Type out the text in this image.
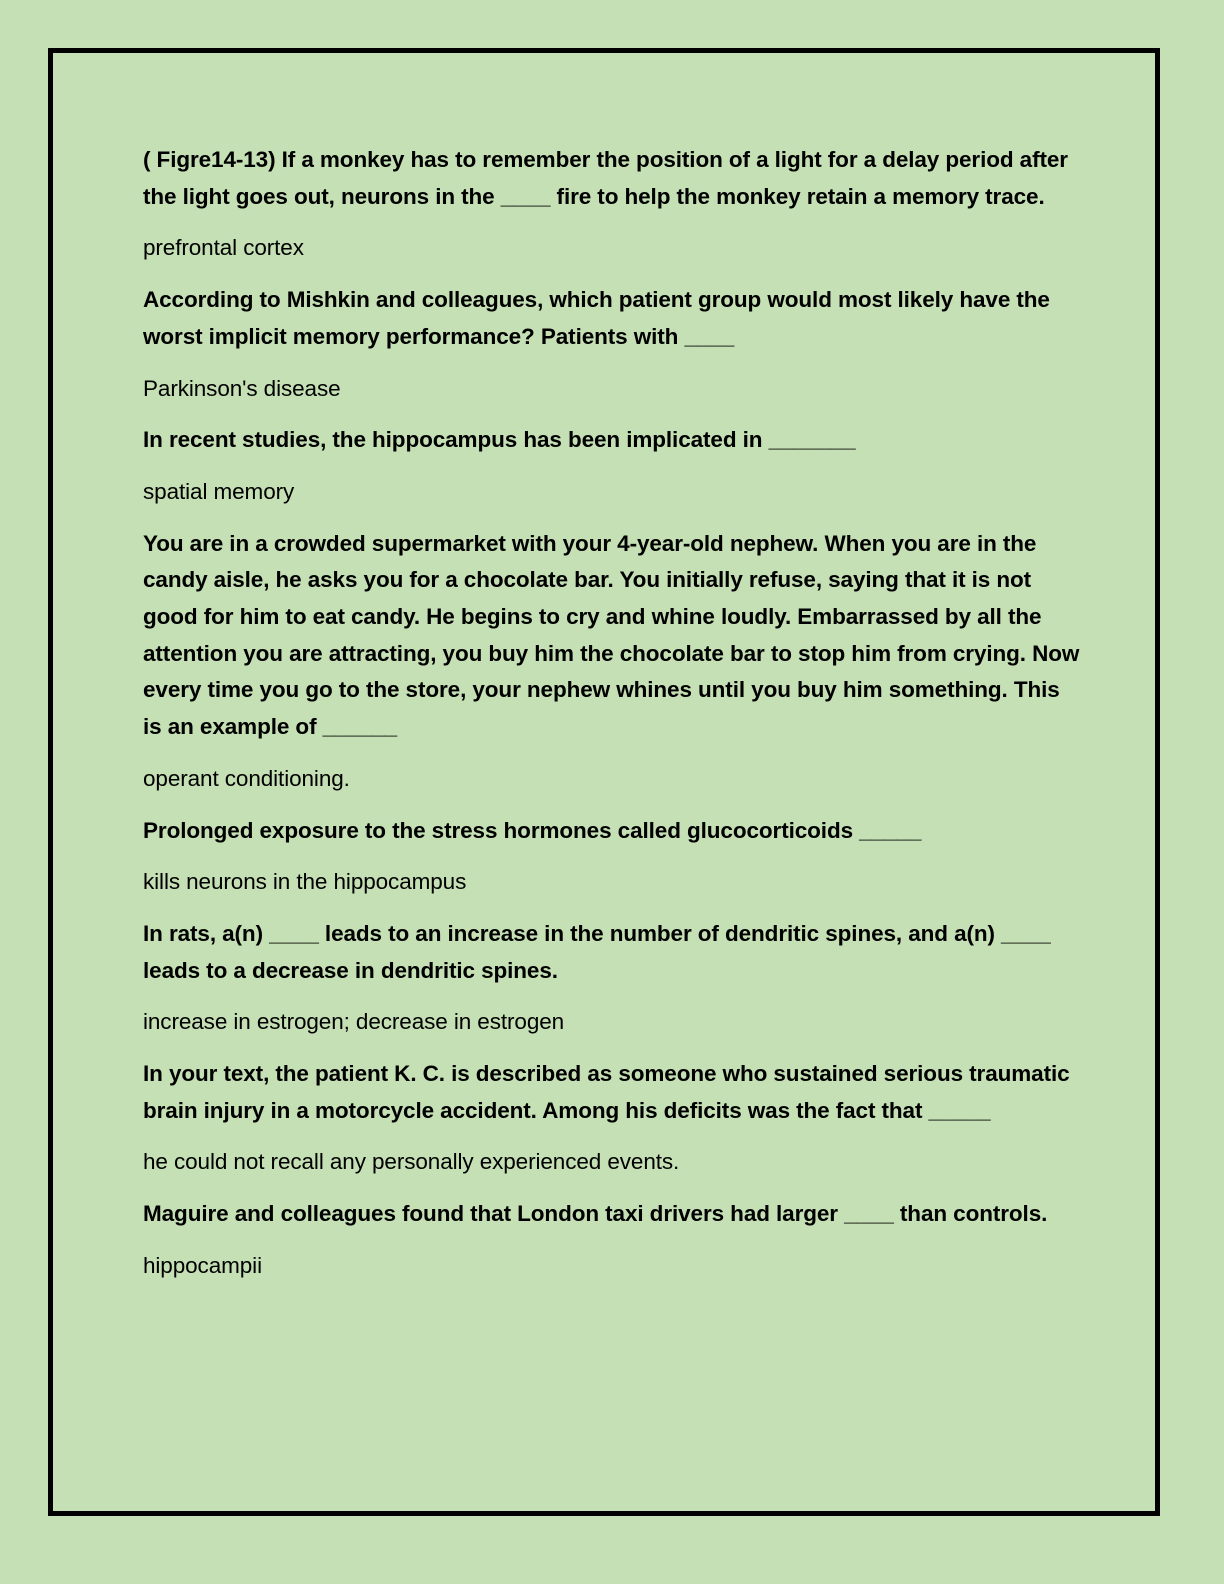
( Figre14-13) If a monkey has to remember the position of a light for a delay period after the light goes out, neurons in the ____ fire to help the monkey retain a memory trace.

prefrontal cortex

According to Mishkin and colleagues, which patient group would most likely have the worst implicit memory performance? Patients with ____

Parkinson's disease

In recent studies, the hippocampus has been implicated in _______

spatial memory

You are in a crowded supermarket with your 4-year-old nephew. When you are in the candy aisle, he asks you for a chocolate bar. You initially refuse, saying that it is not good for him to eat candy. He begins to cry and whine loudly. Embarrassed by all the attention you are attracting, you buy him the chocolate bar to stop him from crying. Now every time you go to the store, your nephew whines until you buy him something. This is an example of ______

operant conditioning.

Prolonged exposure to the stress hormones called glucocorticoids _____

kills neurons in the hippocampus

In rats, a(n) ____ leads to an increase in the number of dendritic spines, and a(n) ____ leads to a decrease in dendritic spines.

increase in estrogen; decrease in estrogen

In your text, the patient K. C. is described as someone who sustained serious traumatic brain injury in a motorcycle accident. Among his deficits was the fact that _____

he could not recall any personally experienced events.

Maguire and colleagues found that London taxi drivers had larger ____ than controls.

hippocampii
